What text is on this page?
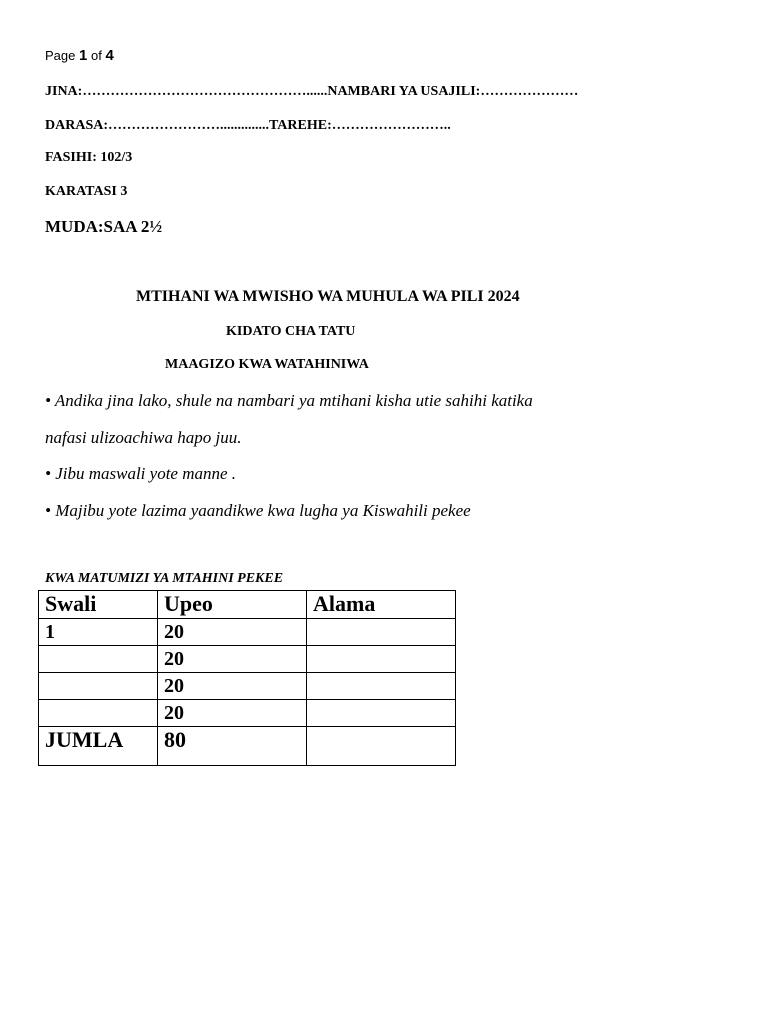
Page 1 of 4
JINA:…………………………………………......NAMBARI YA USAJILI:…………………
DARASA:……………………..............TAREHE:……………………..
FASIHI: 102/3
KARATASI 3
MUDA:SAA 2½
MTIHANI WA MWISHO WA MUHULA WA PILI 2024
KIDATO CHA TATU
MAAGIZO KWA WATAHINIWA
• Andika jina lako, shule na nambari ya mtihani kisha utie sahihi katika
nafasi ulizoachiwa hapo juu.
• Jibu maswali yote manne .
• Majibu yote lazima yaandikwe kwa lugha ya Kiswahili pekee
KWA MATUMIZI YA MTAHINI PEKEE
Swali	Upeo	Alama
1	20	
	20	
	20	
	20	
JUMLA	80	
